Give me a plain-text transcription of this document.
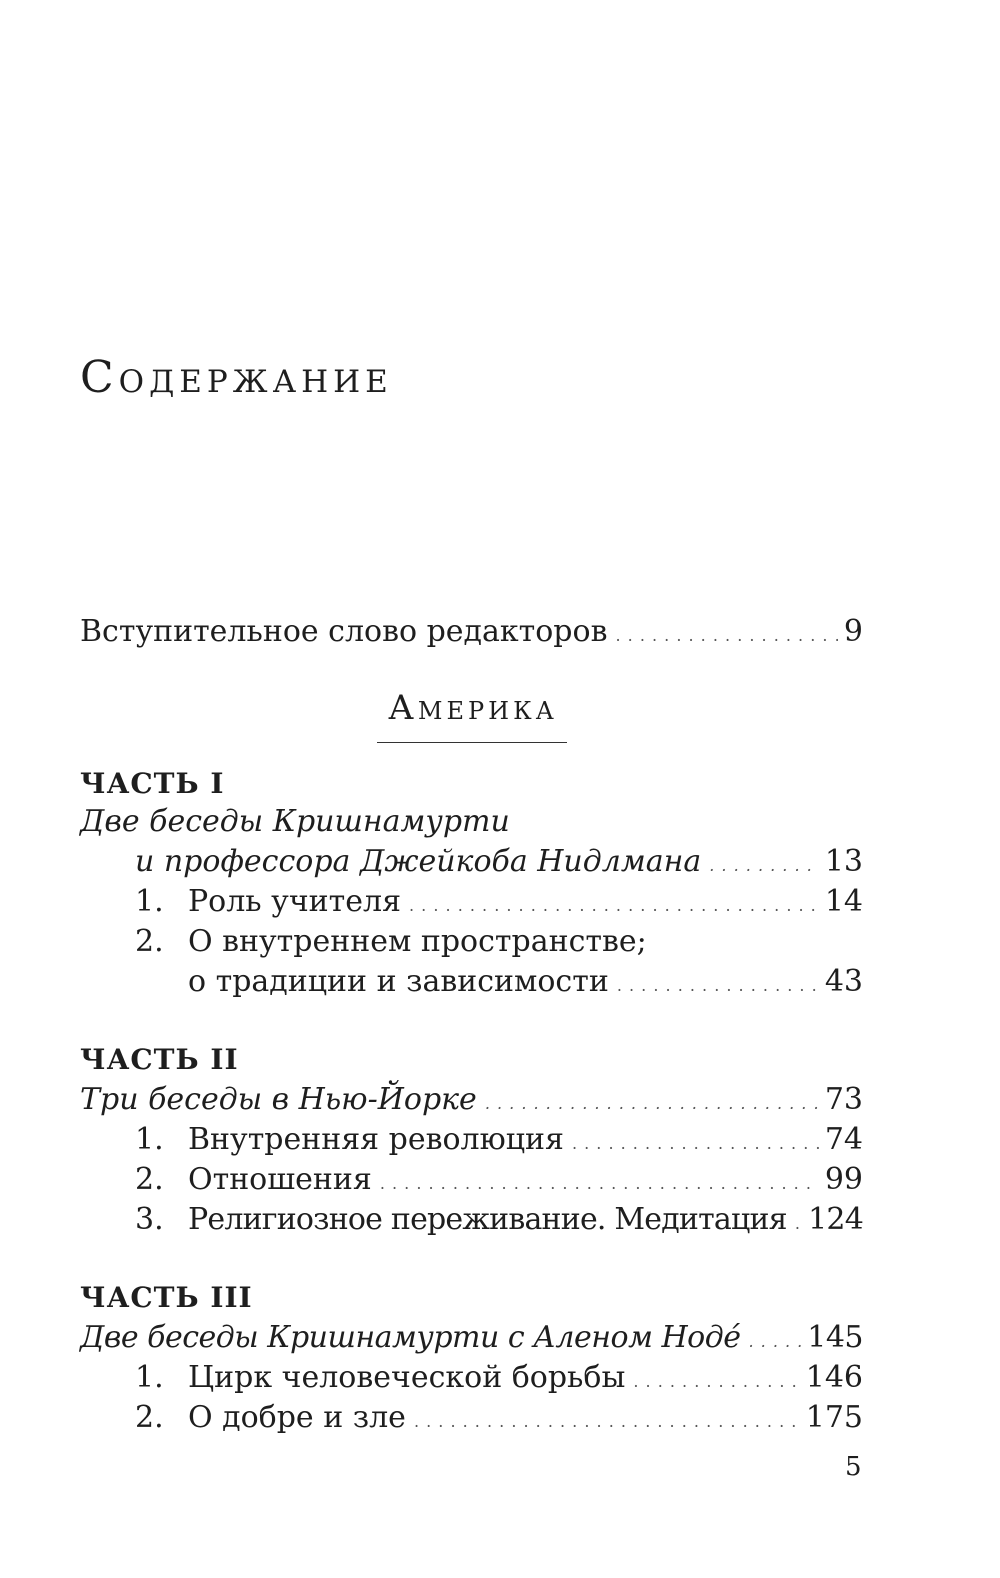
Содержание
Вступительное слово редакторов . . .	9
Америка
ЧАСТЬ I
Две беседы Кришнамурти
и профессора Джейкоба Нидлмана . . .	13
1. Роль учителя . . .	14
2. О внутреннем пространстве;
о традиции и зависимости . . .	43
ЧАСТЬ II
Три беседы в Нью-Йорке . . .	73
1. Внутренняя революция . . .	74
2. Отношения . . .	99
3. Религиозное переживание. Медитация . . . 124
ЧАСТЬ III
Две беседы Кришнамурти с Аленом Нодé . . . 145
1. Цирк человеческой борьбы . . .	146
2. О добре и зле . . .	175
5
